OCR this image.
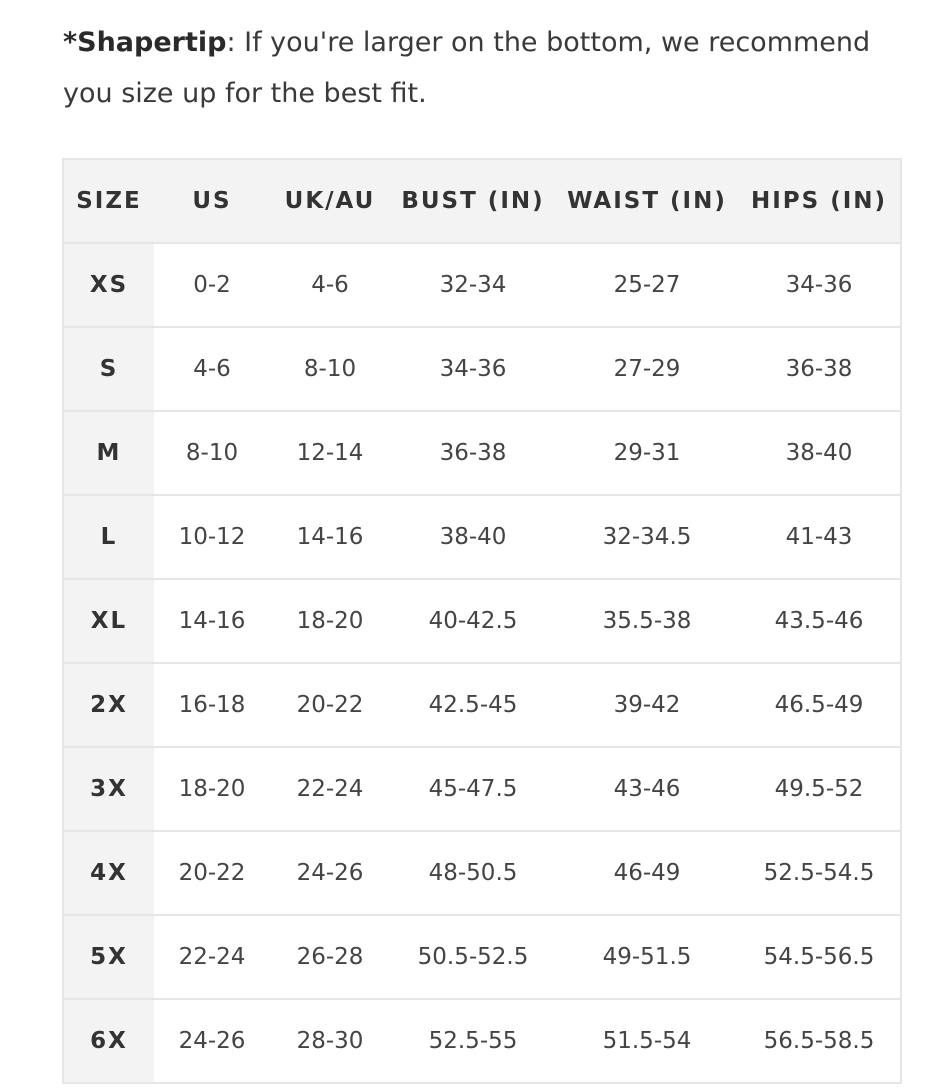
*Shapertip: If you're larger on the bottom, we recommend you size up for the best fit.

SIZE	US	UK/AU	BUST (IN)	WAIST (IN)	HIPS (IN)
XS	0-2	4-6	32-34	25-27	34-36
S	4-6	8-10	34-36	27-29	36-38
M	8-10	12-14	36-38	29-31	38-40
L	10-12	14-16	38-40	32-34.5	41-43
XL	14-16	18-20	40-42.5	35.5-38	43.5-46
2X	16-18	20-22	42.5-45	39-42	46.5-49
3X	18-20	22-24	45-47.5	43-46	49.5-52
4X	20-22	24-26	48-50.5	46-49	52.5-54.5
5X	22-24	26-28	50.5-52.5	49-51.5	54.5-56.5
6X	24-26	28-30	52.5-55	51.5-54	56.5-58.5
